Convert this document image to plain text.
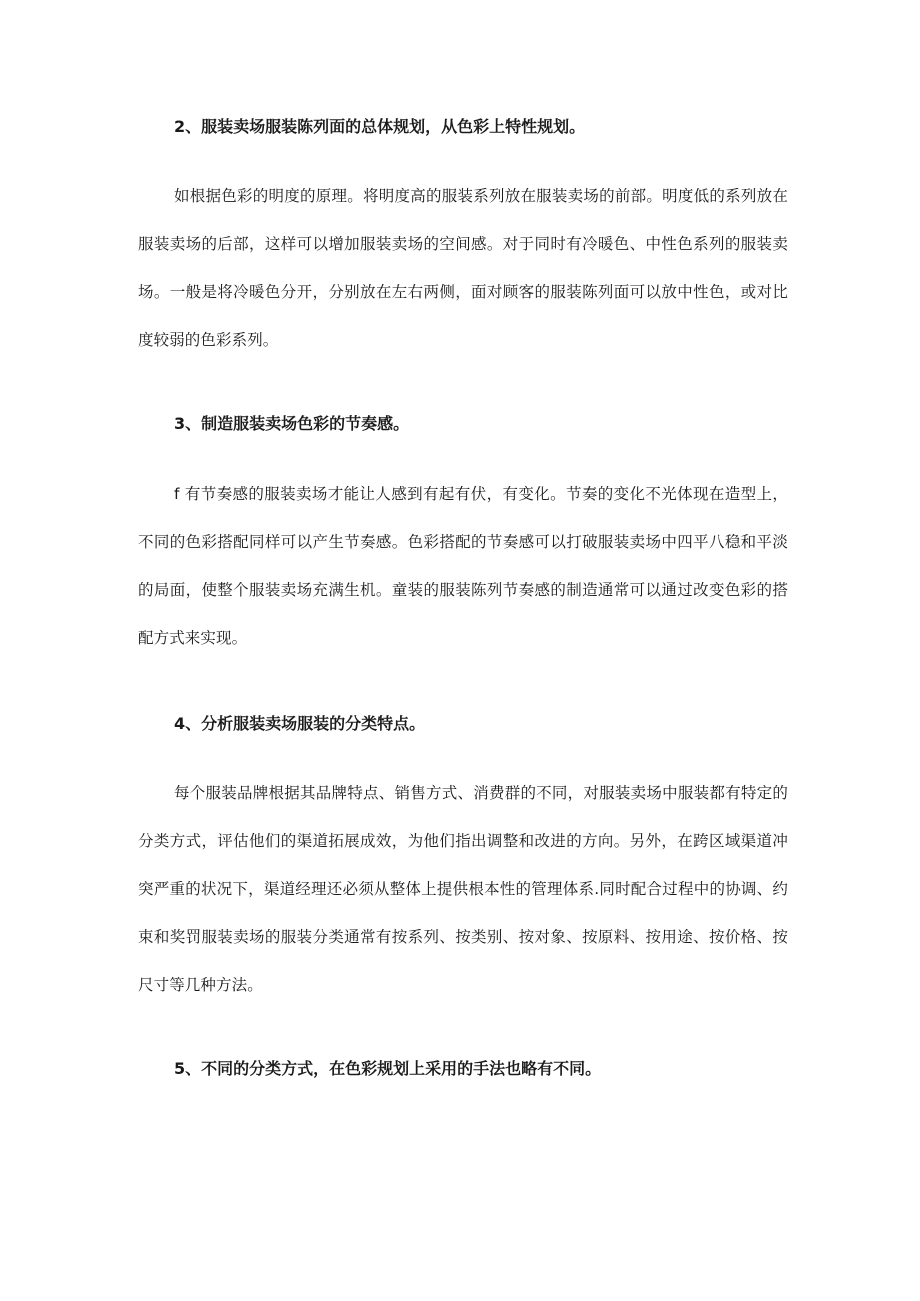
2、服装卖场服装陈列面的总体规划，从色彩上特性规划。
如根据色彩的明度的原理。将明度高的服装系列放在服装卖场的前部。明度低的系列放在服装卖场的后部，这样可以增加服装卖场的空间感。对于同时有冷暖色、中性色系列的服装卖场。一般是将冷暖色分开，分别放在左右两侧，面对顾客的服装陈列面可以放中性色，或对比度较弱的色彩系列。
3、制造服装卖场色彩的节奏感。
f 有节奏感的服装卖场才能让人感到有起有伏，有变化。节奏的变化不光体现在造型上，不同的色彩搭配同样可以产生节奏感。色彩搭配的节奏感可以打破服装卖场中四平八稳和平淡的局面，使整个服装卖场充满生机。童装的服装陈列节奏感的制造通常可以通过改变色彩的搭配方式来实现。
4、分析服装卖场服装的分类特点。
每个服装品牌根据其品牌特点、销售方式、消费群的不同，对服装卖场中服装都有特定的分类方式，评估他们的渠道拓展成效，为他们指出调整和改进的方向。另外，在跨区域渠道冲突严重的状况下，渠道经理还必须从整体上提供根本性的管理体系.同时配合过程中的协调、约束和奖罚服装卖场的服装分类通常有按系列、按类别、按对象、按原料、按用途、按价格、按尺寸等几种方法。
5、不同的分类方式，在色彩规划上采用的手法也略有不同。
